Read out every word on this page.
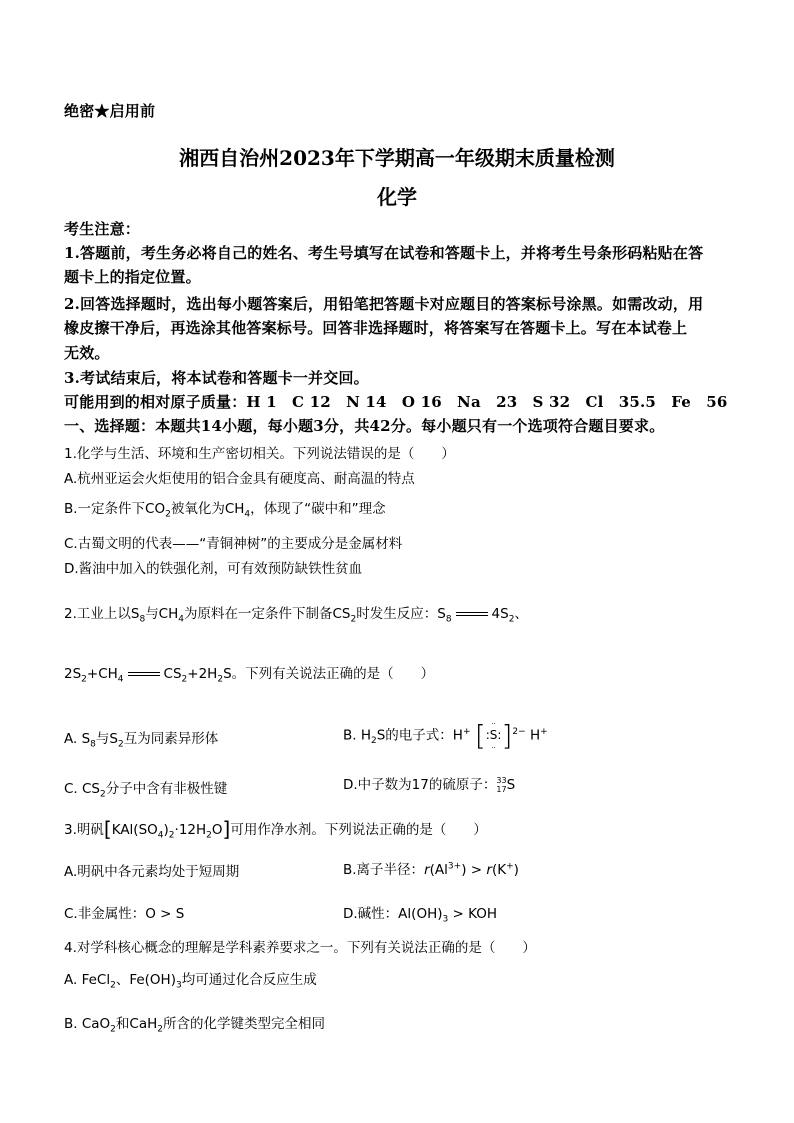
绝密★启用前
湘西自治州2023年下学期高一年级期末质量检测
化学
考生注意：
1.答题前，考生务必将自己的姓名、考生号填写在试卷和答题卡上，并将考生号条形码粘贴在答
题卡上的指定位置。
2.回答选择题时，选出每小题答案后，用铅笔把答题卡对应题目的答案标号涂黑。如需改动，用
橡皮擦干净后，再选涂其他答案标号。回答非选择题时，将答案写在答题卡上。写在本试卷上
无效。
3.考试结束后，将本试卷和答题卡一并交回。
可能用到的相对原子质量：H 1　C 12　N 14　O 16　Na　23　S 32　Cl　35.5　Fe　56
一、选择题：本题共14小题，每小题3分，共42分。每小题只有一个选项符合题目要求。
1.化学与生活、环境和生产密切相关。下列说法错误的是（　　）
A.杭州亚运会火炬使用的铝合金具有硬度高、耐高温的特点
B.一定条件下$CO_2$被氧化为$CH_4$，体现了“碳中和”理念
C.古蜀文明的代表——“青铜神树”的主要成分是金属材料
D.酱油中加入的铁强化剂，可有效预防缺铁性贫血
2.工业上以$S_8$与$CH_4$为原料在一定条件下制备$CS_2$时发生反应：$S_8$	$4S_2$、
$2S_2+CH_4$	$CS_2+2H_2S$。下列有关说法正确的是（　　）
A. $S_8$与$S_2$互为同素异形体	B. $H_2S$的电子式：H+ [ ··
:S:
·· ]$^{2-}$ H+
C. $CS_2$分子中含有非极性键	D.中子数为17的硫原子：33
17S
3.明矾$[KAl(SO_4)_2\cdot 12H_2O]$可用作净水剂。下列说法正确的是（　　）
A.明矾中各元素均处于短周期	B.离子半径：$r(Al^{3+}) > r(K^+)$
C.非金属性：O > S	D.碱性：$Al(OH)_3$ > KOH
4.对学科核心概念的理解是学科素养要求之一。下列有关说法正确的是（　　）
A. FeCl$_2$、$Fe(OH)_3$均可通过化合反应生成
B. CaO$_2$和CaH$_2$所含的化学键类型完全相同
